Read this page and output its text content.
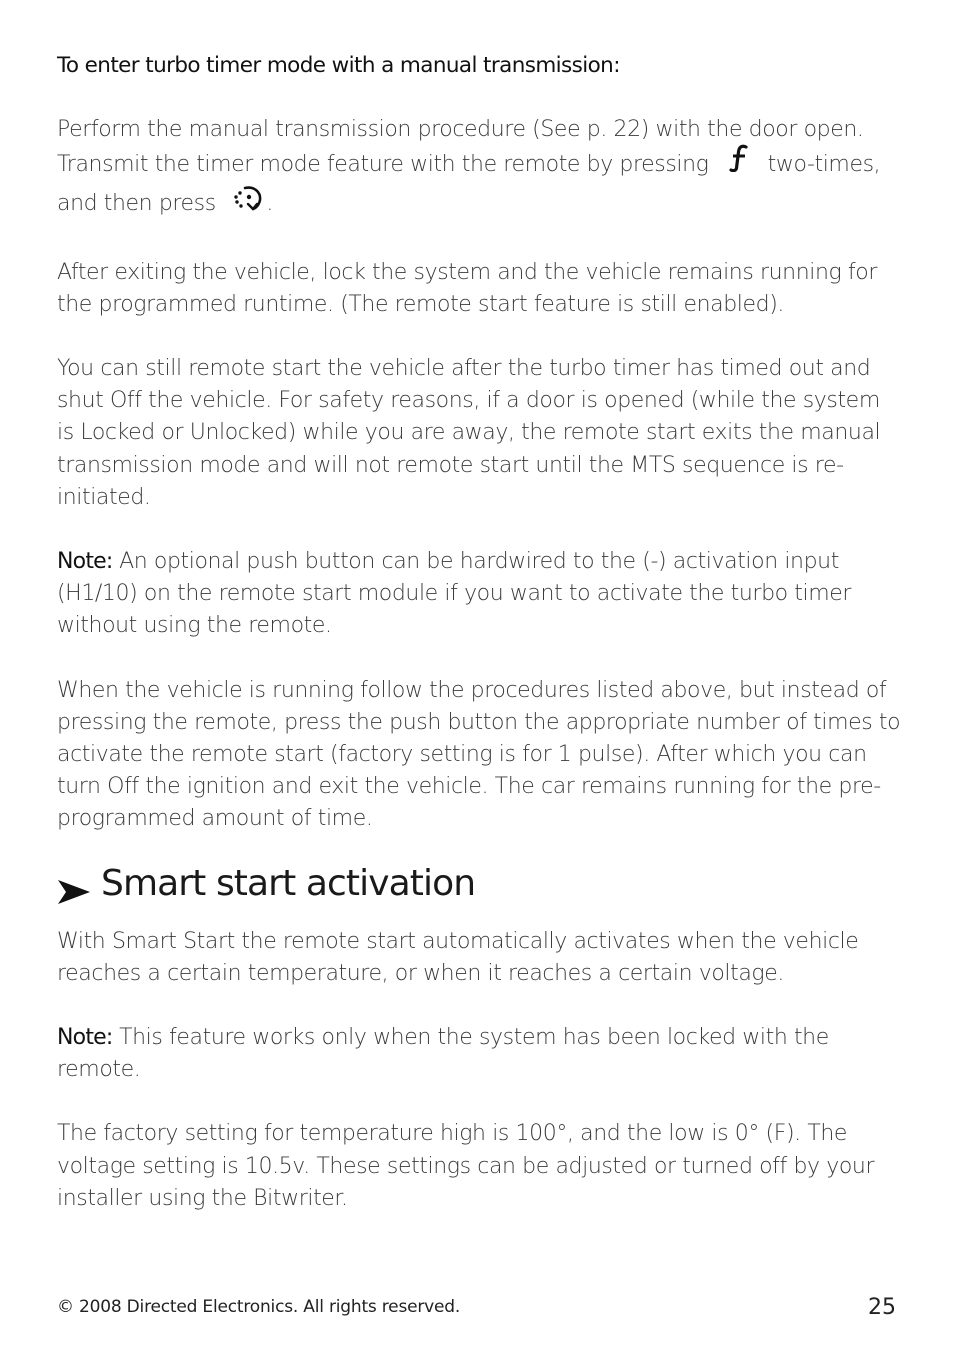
To enter turbo timer mode with a manual transmission:

Perform the manual transmission procedure (See p. 22) with the door open. Transmit the timer mode feature with the remote by pressing	two-times, and then press .

After exiting the vehicle, lock the system and the vehicle remains running for the programmed runtime. (The remote start feature is still enabled).

You can still remote start the vehicle after the turbo timer has timed out and shut Off the vehicle. For safety reasons, if a door is opened (while the system is Locked or Unlocked) while you are away, the remote start exits the manual transmission mode and will not remote start until the MTS sequence is re-initiated.

Note: An optional push button can be hardwired to the (-) activation input (H1/10) on the remote start module if you want to activate the turbo timer without using the remote.

When the vehicle is running follow the procedures listed above, but instead of pressing the remote, press the push button the appropriate number of times to activate the remote start (factory setting is for 1 pulse). After which you can turn Off the ignition and exit the vehicle. The car remains running for the pre-programmed amount of time.

Smart start activation

With Smart Start the remote start automatically activates when the vehicle reaches a certain temperature, or when it reaches a certain voltage.

Note: This feature works only when the system has been locked with the remote.

The factory setting for temperature high is 100°, and the low is 0° (F). The voltage setting is 10.5v. These settings can be adjusted or turned off by your installer using the Bitwriter.

© 2008 Directed Electronics. All rights reserved.	25
